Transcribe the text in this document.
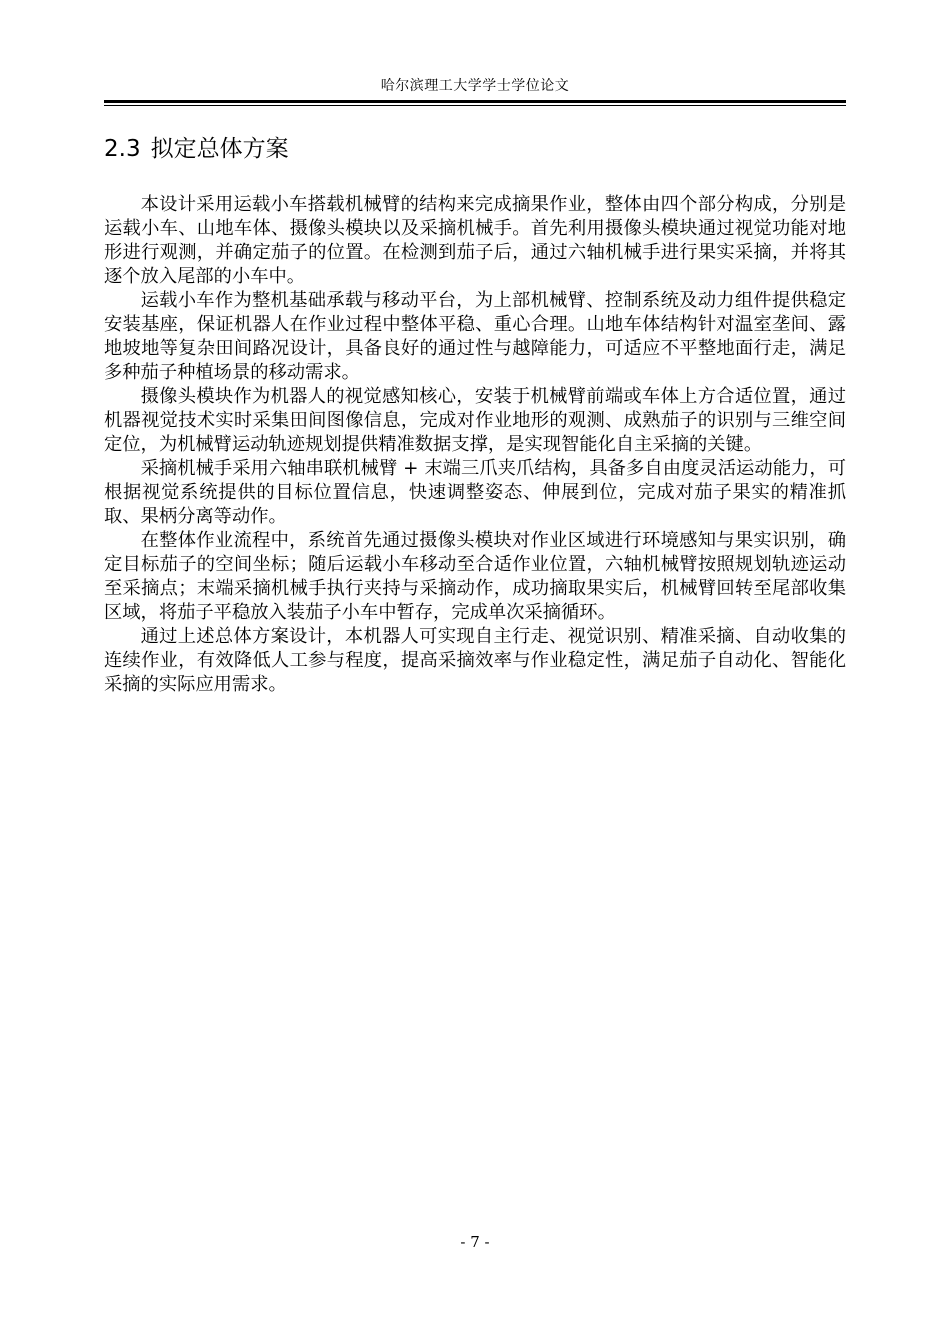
哈尔滨理工大学学士学位论文
2.3 拟定总体方案

本设计采用运载小车搭载机械臂的结构来完成摘果作业，整体由四个部分构成，分别是运载小车、山地车体、摄像头模块以及采摘机械手。首先利用摄像头模块通过视觉功能对地形进行观测，并确定茄子的位置。在检测到茄子后，通过六轴机械手进行果实采摘，并将其逐个放入尾部的小车中。

运载小车作为整机基础承载与移动平台，为上部机械臂、控制系统及动力组件提供稳定安装基座，保证机器人在作业过程中整体平稳、重心合理。山地车体结构针对温室垄间、露地坡地等复杂田间路况设计，具备良好的通过性与越障能力，可适应不平整地面行走，满足多种茄子种植场景的移动需求。

摄像头模块作为机器人的视觉感知核心，安装于机械臂前端或车体上方合适位置，通过机器视觉技术实时采集田间图像信息，完成对作业地形的观测、成熟茄子的识别与三维空间定位，为机械臂运动轨迹规划提供精准数据支撑，是实现智能化自主采摘的关键。

采摘机械手采用六轴串联机械臂 + 末端三爪夹爪结构，具备多自由度灵活运动能力，可根据视觉系统提供的目标位置信息，快速调整姿态、伸展到位，完成对茄子果实的精准抓取、果柄分离等动作。

在整体作业流程中，系统首先通过摄像头模块对作业区域进行环境感知与果实识别，确定目标茄子的空间坐标；随后运载小车移动至合适作业位置，六轴机械臂按照规划轨迹运动至采摘点；末端采摘机械手执行夹持与采摘动作，成功摘取果实后，机械臂回转至尾部收集区域，将茄子平稳放入装茄子小车中暂存，完成单次采摘循环。

通过上述总体方案设计，本机器人可实现自主行走、视觉识别、精准采摘、自动收集的连续作业，有效降低人工参与程度，提高采摘效率与作业稳定性，满足茄子自动化、智能化采摘的实际应用需求。

- 7 -
